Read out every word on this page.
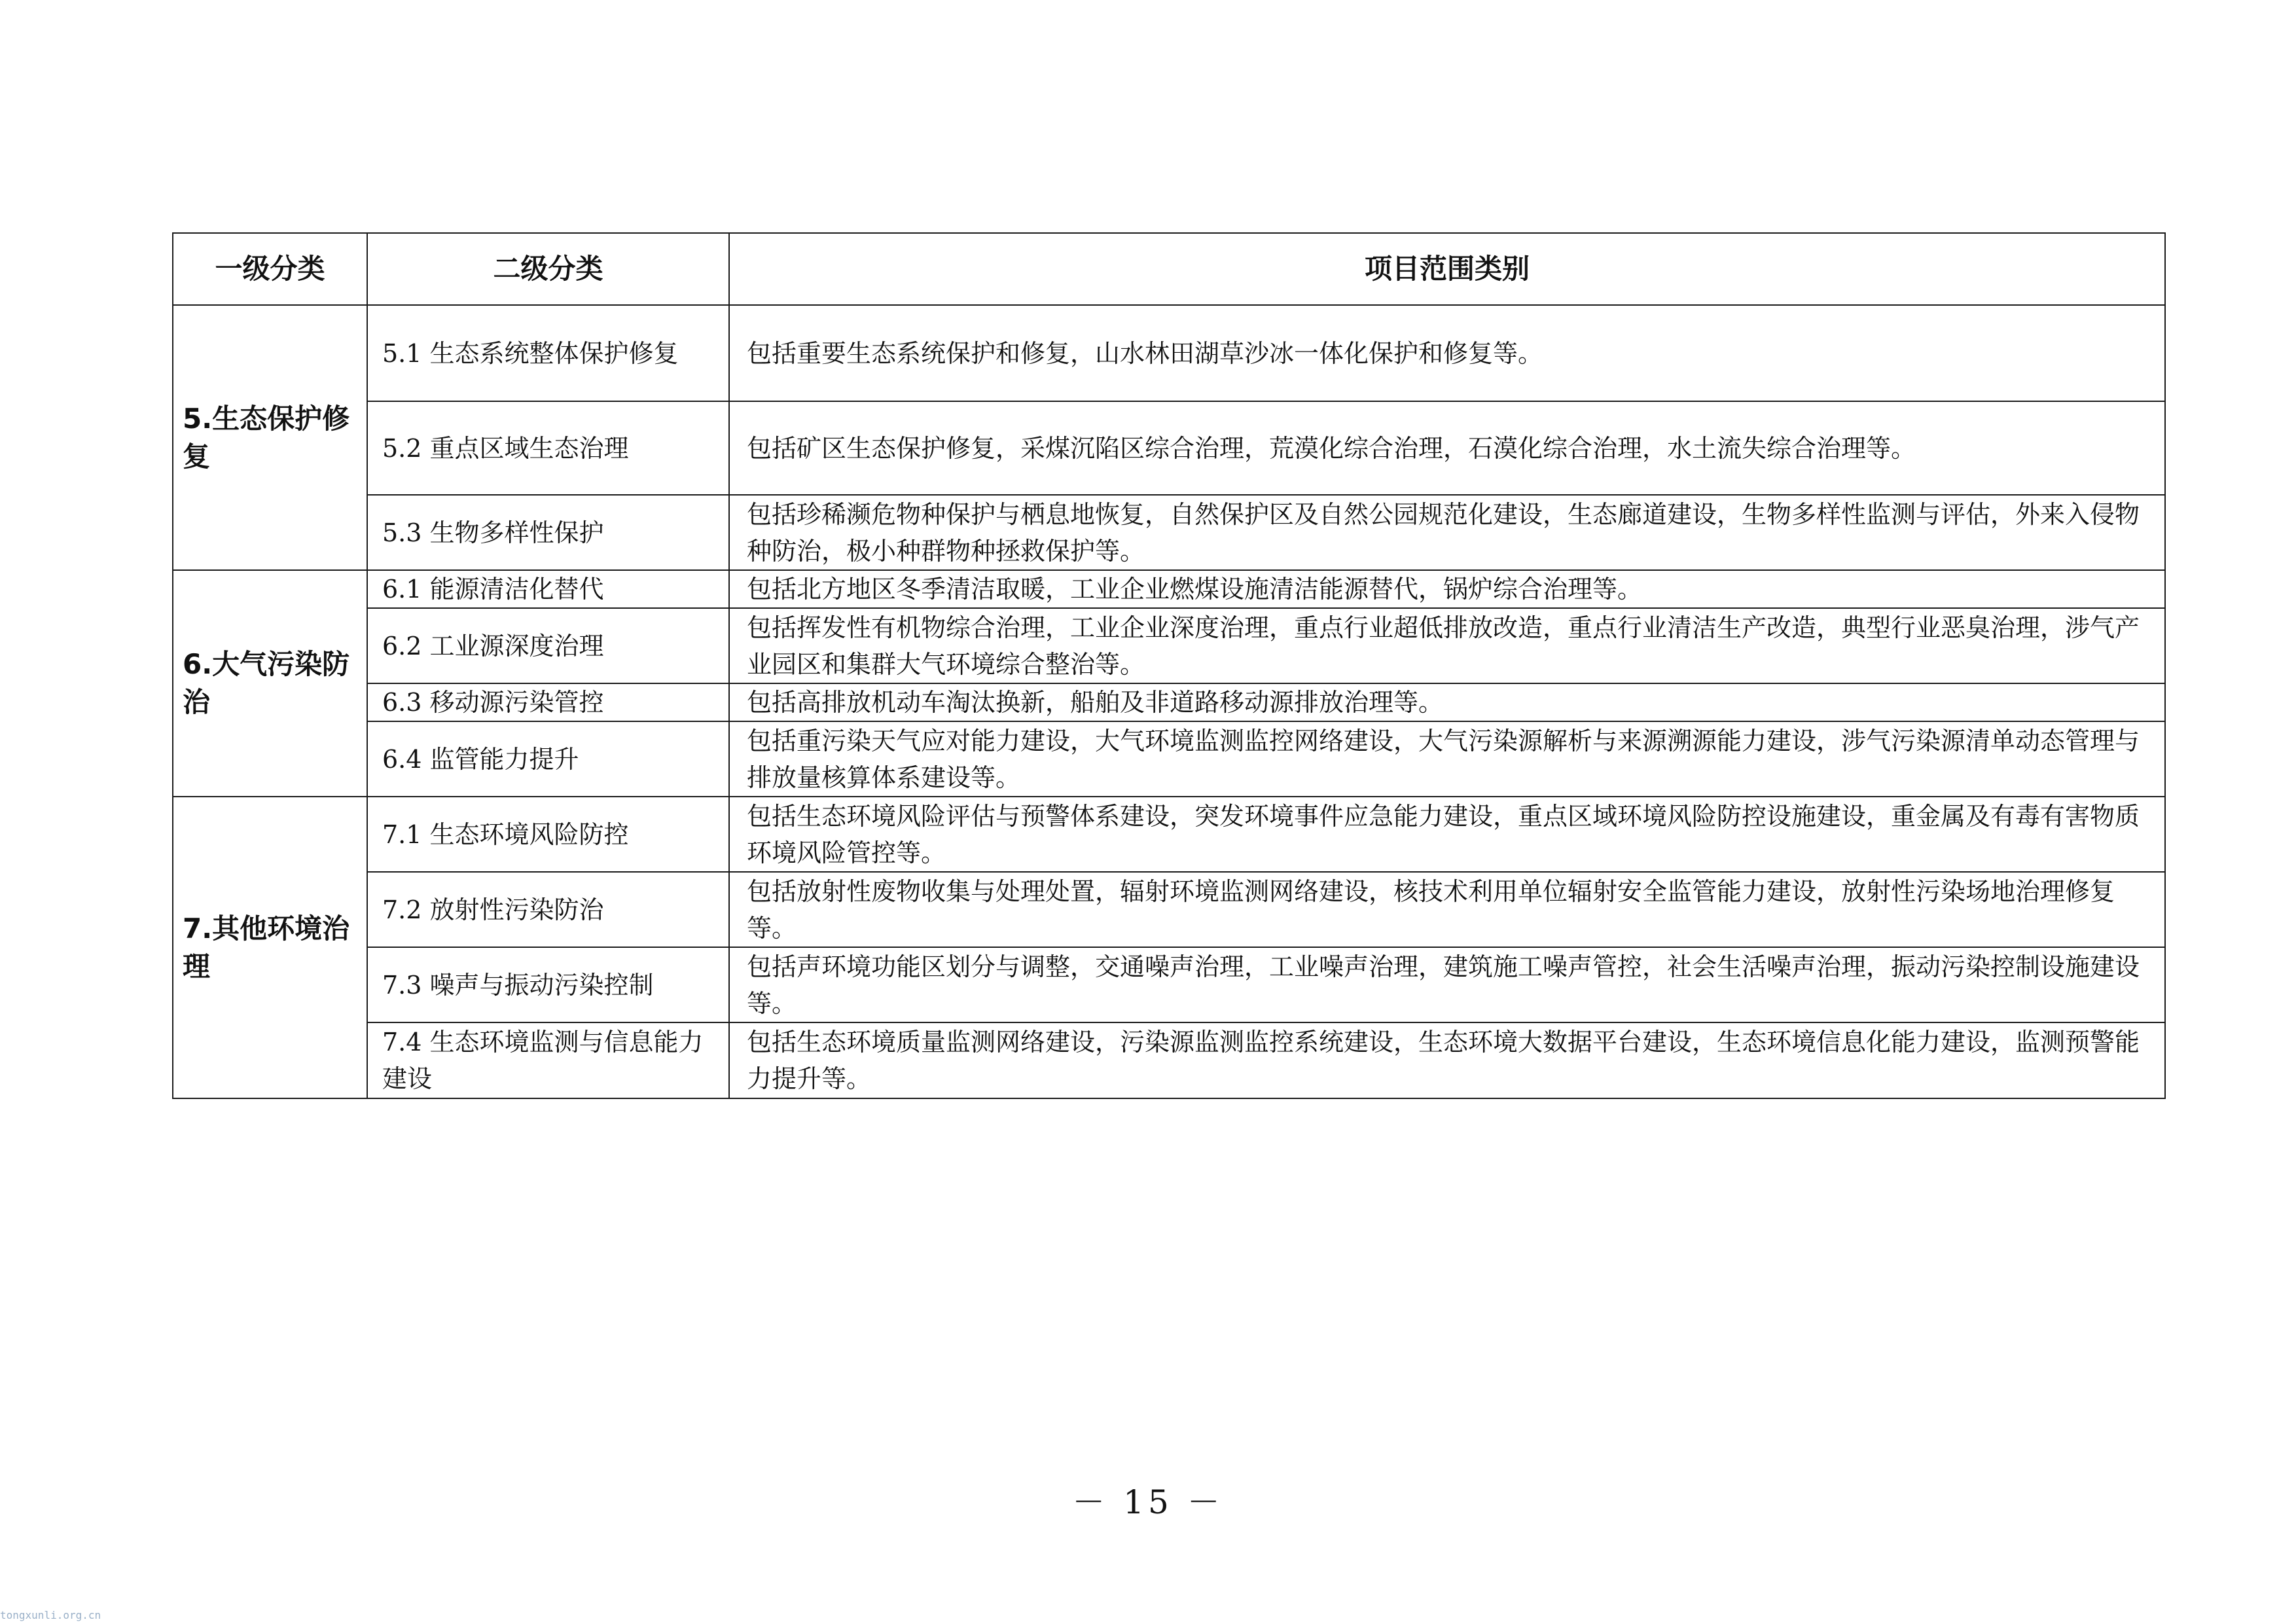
一级分类	二级分类	项目范围类别
5.生态保护修复	5.1 生态系统整体保护修复	包括重要生态系统保护和修复，山水林田湖草沙冰一体化保护和修复等。
	5.2 重点区域生态治理	包括矿区生态保护修复，采煤沉陷区综合治理，荒漠化综合治理，石漠化综合治理，水土流失综合治理等。
	5.3 生物多样性保护	包括珍稀濒危物种保护与栖息地恢复，自然保护区及自然公园规范化建设，生态廊道建设，生物多样性监测与评估，外来入侵物种防治，极小种群物种拯救保护等。
6.大气污染防治	6.1 能源清洁化替代	包括北方地区冬季清洁取暖，工业企业燃煤设施清洁能源替代，锅炉综合治理等。
	6.2 工业源深度治理	包括挥发性有机物综合治理，工业企业深度治理，重点行业超低排放改造，重点行业清洁生产改造，典型行业恶臭治理，涉气产业园区和集群大气环境综合整治等。
	6.3 移动源污染管控	包括高排放机动车淘汰换新，船舶及非道路移动源排放治理等。
	6.4 监管能力提升	包括重污染天气应对能力建设，大气环境监测监控网络建设，大气污染源解析与来源溯源能力建设，涉气污染源清单动态管理与排放量核算体系建设等。
7.其他环境治理	7.1 生态环境风险防控	包括生态环境风险评估与预警体系建设，突发环境事件应急能力建设，重点区域环境风险防控设施建设，重金属及有毒有害物质环境风险管控等。
	7.2 放射性污染防治	包括放射性废物收集与处理处置，辐射环境监测网络建设，核技术利用单位辐射安全监管能力建设，放射性污染场地治理修复等。
	7.3 噪声与振动污染控制	包括声环境功能区划分与调整，交通噪声治理，工业噪声治理，建筑施工噪声管控，社会生活噪声治理，振动污染控制设施建设等。
	7.4 生态环境监测与信息能力建设	包括生态环境质量监测网络建设，污染源监测监控系统建设，生态环境大数据平台建设，生态环境信息化能力建设，监测预警能力提升等。
－ 15 －
tongxunli.org.cn
